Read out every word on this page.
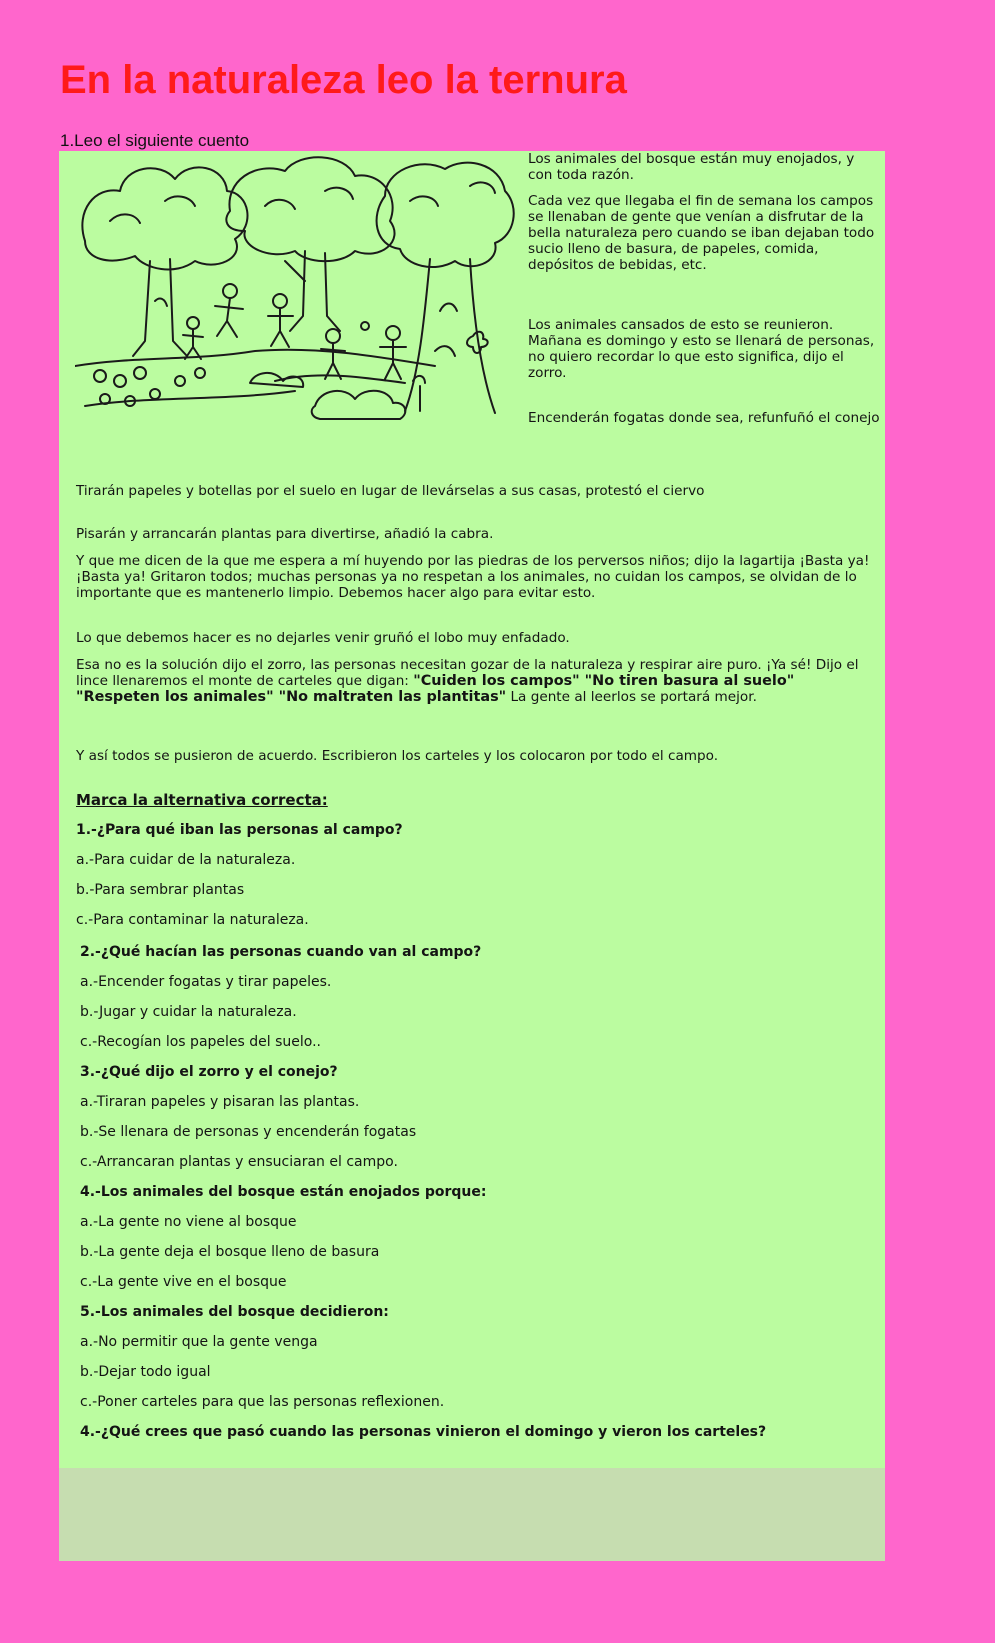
En la naturaleza leo la ternura
1.Leo el siguiente cuento

Los animales del bosque están muy enojados, y con toda razón.

Cada vez que llegaba el fin de semana los campos se llenaban de gente que venían a disfrutar de la bella naturaleza pero cuando se iban dejaban todo sucio lleno de basura, de papeles, comida, depósitos de bebidas, etc.

Los animales cansados de esto se reunieron. Mañana es domingo y esto se llenará de personas, no quiero recordar lo que esto significa, dijo el zorro.

Encenderán fogatas donde sea, refunfuñó el conejo

Tirarán papeles y botellas por el suelo en lugar de llevárselas a sus casas, protestó el ciervo

Pisarán y arrancarán plantas para divertirse, añadió la cabra.

Y que me dicen de la que me espera a mí huyendo por las piedras de los perversos niños; dijo la lagartija ¡Basta ya! ¡Basta ya! Gritaron todos; muchas personas ya no respetan a los animales, no cuidan los campos, se olvidan de lo importante que es mantenerlo limpio. Debemos hacer algo para evitar esto.

Lo que debemos hacer es no dejarles venir gruñó el lobo muy enfadado.

Esa no es la solución dijo el zorro, las personas necesitan gozar de la naturaleza y respirar aire puro. ¡Ya sé! Dijo el lince llenaremos el monte de carteles que digan: "Cuiden los campos" "No tiren basura al suelo" "Respeten los animales" "No maltraten las plantitas" La gente al leerlos se portará mejor.

Y así todos se pusieron de acuerdo. Escribieron los carteles y los colocaron por todo el campo.

Marca la alternativa correcta:

1.-¿Para qué iban las personas al campo?

a.-Para cuidar de la naturaleza.

b.-Para sembrar plantas

c.-Para contaminar la naturaleza.

2.-¿Qué hacían las personas cuando van al campo?

a.-Encender fogatas y tirar papeles.

b.-Jugar y cuidar la naturaleza.

c.-Recogían los papeles del suelo..

3.-¿Qué dijo el zorro y el conejo?

a.-Tiraran papeles y pisaran las plantas.

b.-Se llenara de personas y encenderán fogatas

c.-Arrancaran plantas y ensuciaran el campo.

4.-Los animales del bosque están enojados porque:

a.-La gente no viene al bosque

b.-La gente deja el bosque lleno de basura

c.-La gente vive en el bosque

5.-Los animales del bosque decidieron:

a.-No permitir que la gente venga

b.-Dejar todo igual

c.-Poner carteles para que las personas reflexionen.

4.-¿Qué crees que pasó cuando las personas vinieron el domingo y vieron los carteles?
